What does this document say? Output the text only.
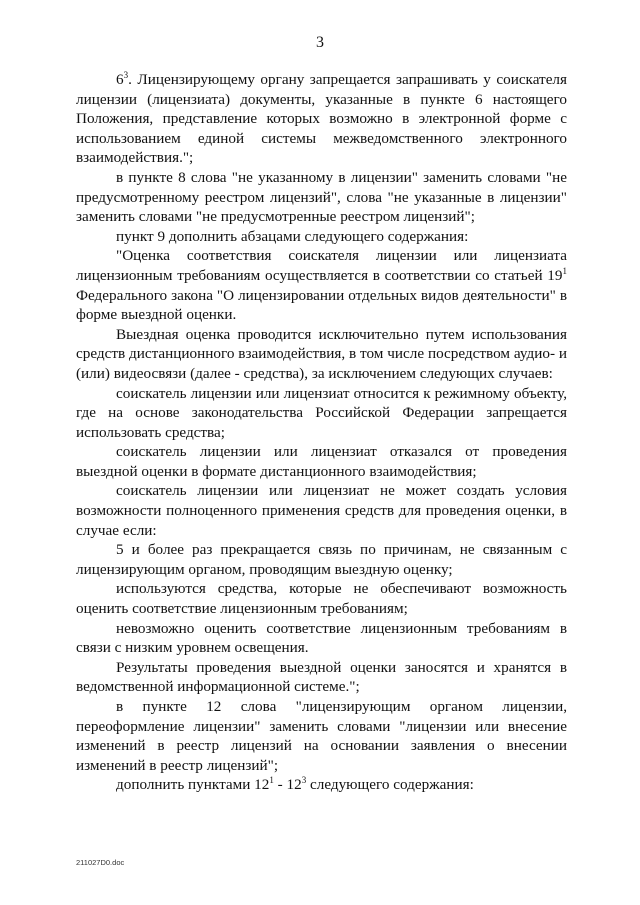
3

$6^3$. Лицензирующему органу запрещается запрашивать у соискателя лицензии (лицензиата) документы, указанные в пункте 6 настоящего Положения, представление которых возможно в электронной форме с использованием единой системы межведомственного электронного взаимодействия.";

в пункте 8 слова "не указанному в лицензии" заменить словами "не предусмотренному реестром лицензий", слова "не указанные в лицензии" заменить словами "не предусмотренные реестром лицензий";

пункт 9 дополнить абзацами следующего содержания:

"Оценка соответствия соискателя лицензии или лицензиата лицензионным требованиям осуществляется в соответствии со статьей $19^1$ Федерального закона "О лицензировании отдельных видов деятельности" в форме выездной оценки.

Выездная оценка проводится исключительно путем использования средств дистанционного взаимодействия, в том числе посредством аудио- и (или) видеосвязи (далее - средства), за исключением следующих случаев:

соискатель лицензии или лицензиат относится к режимному объекту, где на основе законодательства Российской Федерации запрещается использовать средства;

соискатель лицензии или лицензиат отказался от проведения выездной оценки в формате дистанционного взаимодействия;

соискатель лицензии или лицензиат не может создать условия возможности полноценного применения средств для проведения оценки, в случае если:

5 и более раз прекращается связь по причинам, не связанным с лицензирующим органом, проводящим выездную оценку;

используются средства, которые не обеспечивают возможность оценить соответствие лицензионным требованиям;

невозможно оценить соответствие лицензионным требованиям в связи с низким уровнем освещения.

Результаты проведения выездной оценки заносятся и хранятся в ведомственной информационной системе.";

в пункте 12 слова "лицензирующим органом лицензии, переоформление лицензии" заменить словами "лицензии или внесение изменений в реестр лицензий на основании заявления о внесении изменений в реестр лицензий";

дополнить пунктами $12^1 - 12^3$ следующего содержания:

211027D0.doc
